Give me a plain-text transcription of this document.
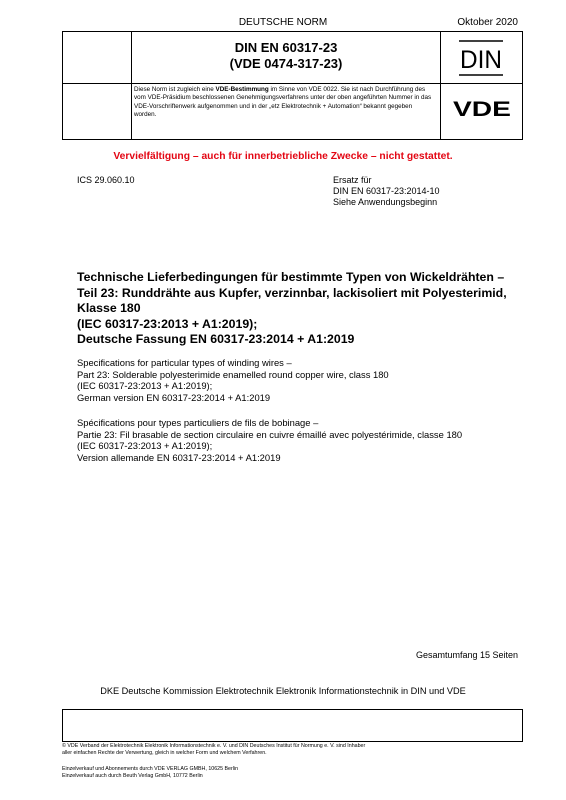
DEUTSCHE NORM	Oktober 2020
DIN EN 60317-23
(VDE 0474-317-23)	DIN
Diese Norm ist zugleich eine VDE-Bestimmung im Sinne von VDE 0022. Sie ist nach Durchführung des vom VDE-Präsidium beschlossenen Genehmigungsverfahrens unter der oben angeführten Nummer in das VDE-Vorschriftenwerk aufgenommen und in der „etz Elektrotechnik + Automation“ bekannt gegeben worden.	VDE
Vervielfältigung – auch für innerbetriebliche Zwecke – nicht gestattet.
ICS 29.060.10	Ersatz für
DIN EN 60317-23:2014-10
Siehe Anwendungsbeginn
Technische Lieferbedingungen für bestimmte Typen von Wickeldrähten –
Teil 23: Runddrähte aus Kupfer, verzinnbar, lackisoliert mit Polyesterimid,
Klasse 180
(IEC 60317-23:2013 + A1:2019);
Deutsche Fassung EN 60317-23:2014 + A1:2019
Specifications for particular types of winding wires –
Part 23: Solderable polyesterimide enamelled round copper wire, class 180
(IEC 60317-23:2013 + A1:2019);
German version EN 60317-23:2014 + A1:2019
Spécifications pour types particuliers de fils de bobinage –
Partie 23: Fil brasable de section circulaire en cuivre émaillé avec polyestérimide, classe 180
(IEC 60317-23:2013 + A1:2019);
Version allemande EN 60317-23:2014 + A1:2019
Gesamtumfang 15 Seiten
DKE Deutsche Kommission Elektrotechnik Elektronik Informationstechnik in DIN und VDE
© VDE Verband der Elektrotechnik Elektronik Informationstechnik e. V. und DIN Deutsches Institut für Normung e. V. sind Inhaber
aller einfachen Rechte der Verwertung, gleich in welcher Form und welchem Verfahren.
Einzelverkauf und Abonnements durch VDE VERLAG GMBH, 10625 Berlin
Einzelverkauf auch durch Beuth Verlag GmbH, 10772 Berlin
